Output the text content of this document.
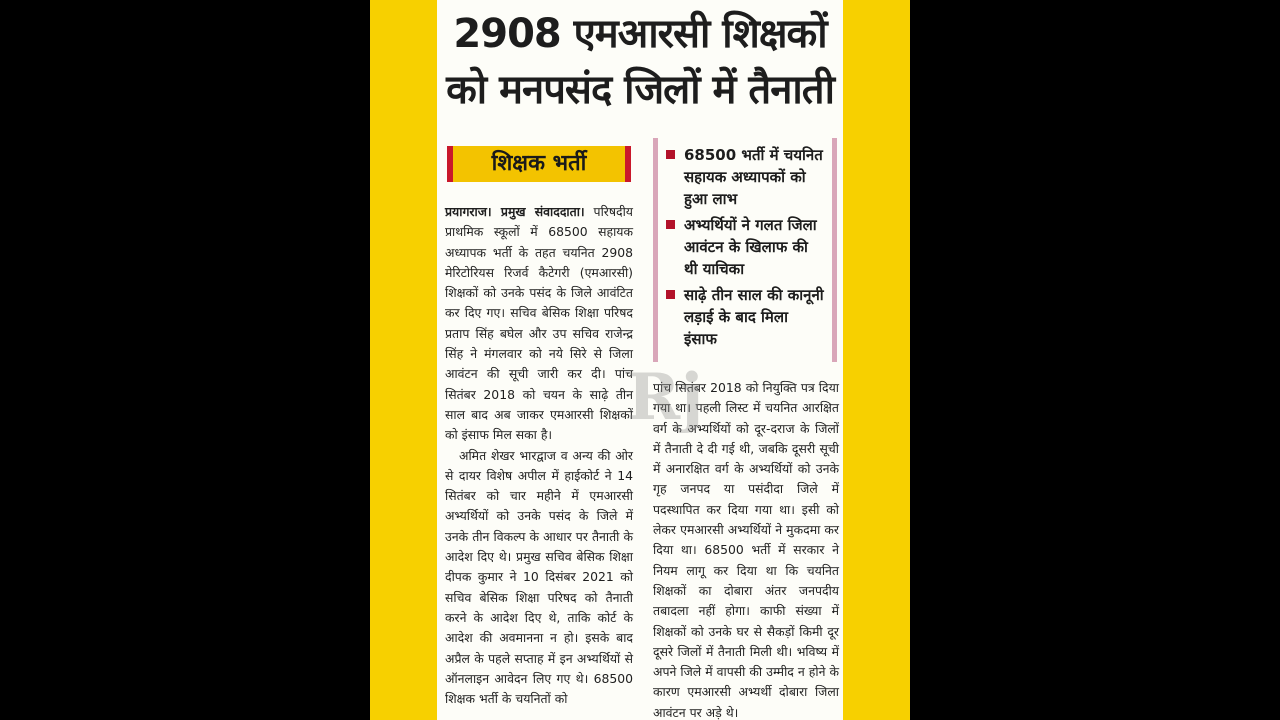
2908 एमआरसी शिक्षकों
को मनपसंद जिलों में तैनाती
शिक्षक भर्ती	68500 भर्ती में चयनित सहायक अध्यापकों को हुआ लाभ
अभ्यर्थियों ने गलत जिला आवंटन के खिलाफ की थी याचिका
साढ़े तीन साल की कानूनी लड़ाई के बाद मिला इंसाफ

प्रयागराज। प्रमुख संवाददाता। परिषदीय प्राथमिक स्कूलों में 68500 सहायक अध्यापक भर्ती के तहत चयनित 2908 मेरिटोरियस रिजर्व कैटेगरी (एमआरसी) शिक्षकों को उनके पसंद के जिले आवंटित कर दिए गए। सचिव बेसिक शिक्षा परिषद प्रताप सिंह बघेल और उप सचिव राजेन्द्र सिंह ने मंगलवार को नये सिरे से जिला आवंटन की सूची जारी कर दी। पांच सितंबर 2018 को चयन के साढ़े तीन साल बाद अब जाकर एमआरसी शिक्षकों को इंसाफ मिल सका है।

अमित शेखर भारद्वाज व अन्य की ओर से दायर विशेष अपील में हाईकोर्ट ने 14 सितंबर को चार महीने में एमआरसी अभ्यर्थियों को उनके पसंद के जिले में उनके तीन विकल्प के आधार पर तैनाती के आदेश दिए थे। प्रमुख सचिव बेसिक शिक्षा दीपक कुमार ने 10 दिसंबर 2021 को सचिव बेसिक शिक्षा परिषद को तैनाती करने के आदेश दिए थे, ताकि कोर्ट के आदेश की अवमानना न हो। इसके बाद अप्रैल के पहले सप्ताह में इन अभ्यर्थियों से ऑनलाइन आवेदन लिए गए थे। 68500 शिक्षक भर्ती के चयनितों को

पांच सितंबर 2018 को नियुक्ति पत्र दिया गया था। पहली लिस्ट में चयनित आरक्षित वर्ग के अभ्यर्थियों को दूर-दराज के जिलों में तैनाती दे दी गई थी, जबकि दूसरी सूची में अनारक्षित वर्ग के अभ्यर्थियों को उनके गृह जनपद या पसंदीदा जिले में पदस्थापित कर दिया गया था। इसी को लेकर एमआरसी अभ्यर्थियों ने मुकदमा कर दिया था। 68500 भर्ती में सरकार ने नियम लागू कर दिया था कि चयनित शिक्षकों का दोबारा अंतर जनपदीय तबादला नहीं होगा। काफी संख्या में शिक्षकों को उनके घर से सैकड़ों किमी दूर दूसरे जिलों में तैनाती मिली थी। भविष्य में अपने जिले में वापसी की उम्मीद न होने के कारण एमआरसी अभ्यर्थी दोबारा जिला आवंटन पर अड़े थे।

Rj
